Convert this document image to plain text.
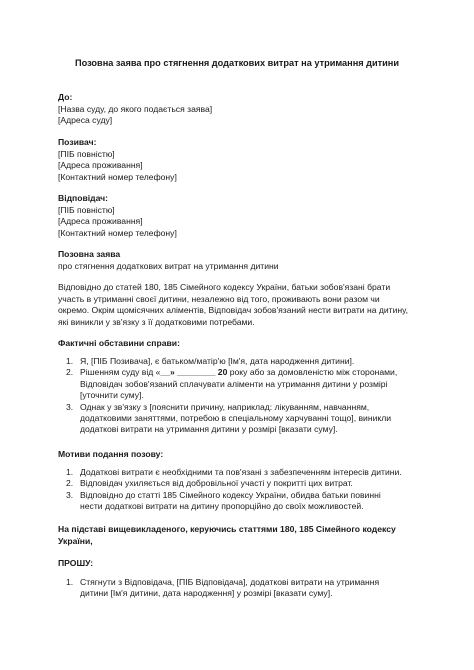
Позовна заява про стягнення додаткових витрат на утримання дитини
До:
[Назва суду, до якого подається заява]
[Адреса суду]
Позивач:
[ПІБ повністю]
[Адреса проживання]
[Контактний номер телефону]
Відповідач:
[ПІБ повністю]
[Адреса проживання]
[Контактний номер телефону]
Позовна заява
про стягнення додаткових витрат на утримання дитини
Відповідно до статей 180, 185 Сімейного кодексу України, батьки зобов'язані брати
участь в утриманні своєї дитини, незалежно від того, проживають вони разом чи
окремо. Окрім щомісячних аліментів, Відповідач зобов'язаний нести витрати на дитину,
які виникли у зв'язку з її додатковими потребами.
Фактичні обставини справи:
1. Я, [ПІБ Позивача], є батьком/матір'ю [Ім'я, дата народження дитини].
2. Рішенням суду від «__» ________ 20 року або за домовленістю між сторонами,
Відповідач зобов'язаний сплачувати аліменти на утримання дитини у розмірі
[уточнити суму].
3. Однак у зв'язку з [пояснити причину, наприклад: лікуванням, навчанням,
додатковими заняттями, потребою в спеціальному харчуванні тощо], виникли
додаткові витрати на утримання дитини у розмірі [вказати суму].
Мотиви подання позову:
1. Додаткові витрати є необхідними та пов'язані з забезпеченням інтересів дитини.
2. Відповідач ухиляється від добровільної участі у покритті цих витрат.
3. Відповідно до статті 185 Сімейного кодексу України, обидва батьки повинні
нести додаткові витрати на дитину пропорційно до своїх можливостей.
На підставі вищевикладеного, керуючись статтями 180, 185 Сімейного кодексу
України,
ПРОШУ:
1. Стягнути з Відповідача, [ПІБ Відповідача], додаткові витрати на утримання
дитини [Ім'я дитини, дата народження] у розмірі [вказати суму].
